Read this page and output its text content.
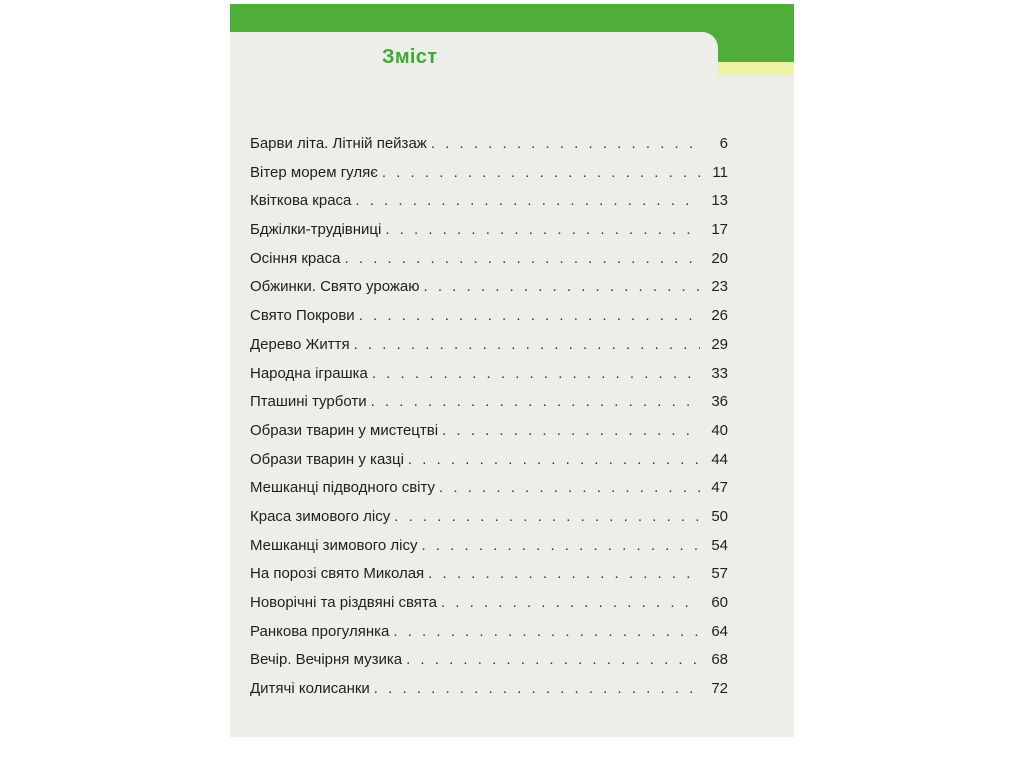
Зміст
Барви літа. Літній пейзаж . . .	6
Вітер морем гуляє . . .	11
Квіткова краса . . .	13
Бджілки-трудівниці . . .	17
Осіння краса . . .	20
Обжинки. Свято урожаю . . .	23
Свято Покрови . . .	26
Дерево Життя . . .	29
Народна іграшка . . .	33
Пташині турботи . . .	36
Образи тварин у мистецтві . . .	40
Образи тварин у казці . . .	44
Мешканці підводного світу . . .	47
Краса зимового лісу . . .	50
Мешканці зимового лісу . . .	54
На порозі свято Миколая . . .	57
Новорічні та різдвяні свята . . .	60
Ранкова прогулянка . . .	64
Вечір. Вечірня музика . . .	68
Дитячі колисанки . . .	72
